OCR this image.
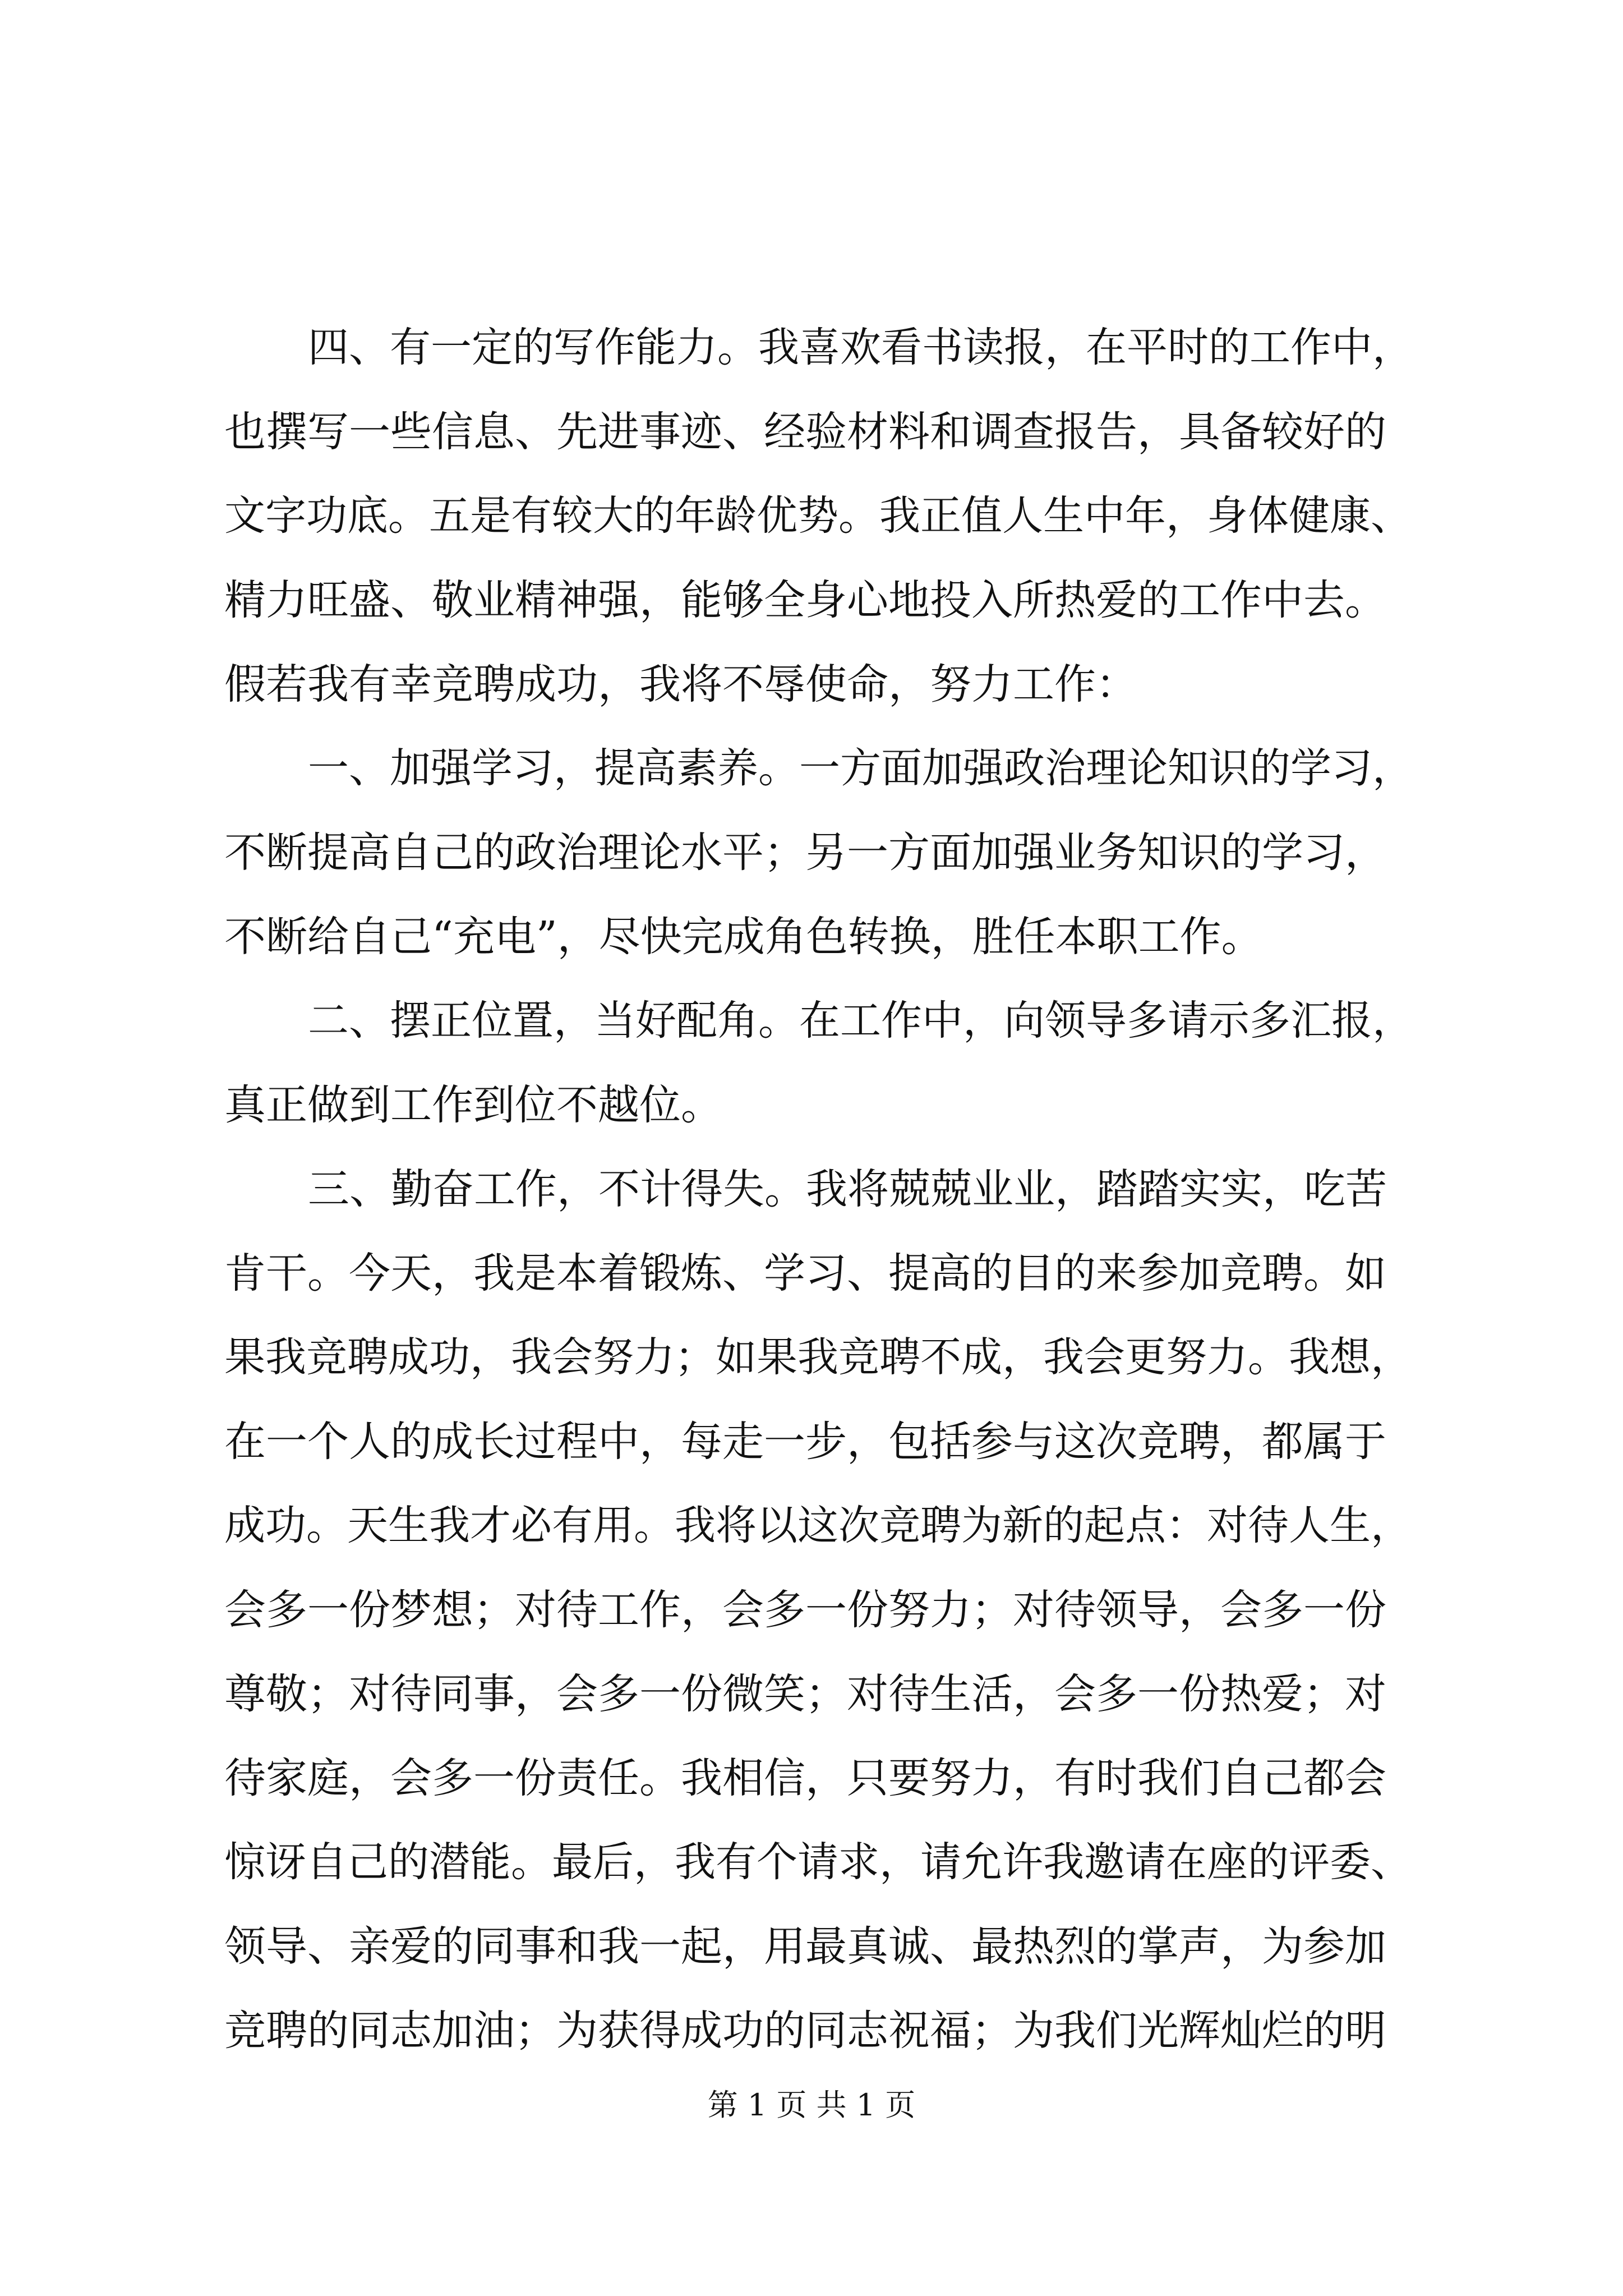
四、有一定的写作能力。我喜欢看书读报，在平时的工作中，
也撰写一些信息、先进事迹、经验材料和调查报告，具备较好的
文字功底。五是有较大的年龄优势。我正值人生中年，身体健康、
精力旺盛、敬业精神强，能够全身心地投入所热爱的工作中去。
假若我有幸竞聘成功，我将不辱使命，努力工作：
一、加强学习，提高素养。一方面加强政治理论知识的学习，
不断提高自己的政治理论水平；另一方面加强业务知识的学习，
不断给自己“充电”，尽快完成角色转换，胜任本职工作。
二、摆正位置，当好配角。在工作中，向领导多请示多汇报，
真正做到工作到位不越位。
三、勤奋工作，不计得失。我将兢兢业业，踏踏实实，吃苦
肯干。今天，我是本着锻炼、学习、提高的目的来参加竞聘。如
果我竞聘成功，我会努力；如果我竞聘不成，我会更努力。我想，
在一个人的成长过程中，每走一步，包括参与这次竞聘，都属于
成功。天生我才必有用。我将以这次竞聘为新的起点：对待人生，
会多一份梦想；对待工作，会多一份努力；对待领导，会多一份
尊敬；对待同事，会多一份微笑；对待生活，会多一份热爱；对
待家庭，会多一份责任。我相信，只要努力，有时我们自己都会
惊讶自己的潜能。最后，我有个请求，请允许我邀请在座的评委、
领导、亲爱的同事和我一起，用最真诚、最热烈的掌声，为参加
竞聘的同志加油；为获得成功的同志祝福；为我们光辉灿烂的明
第 1 页 共 1 页
